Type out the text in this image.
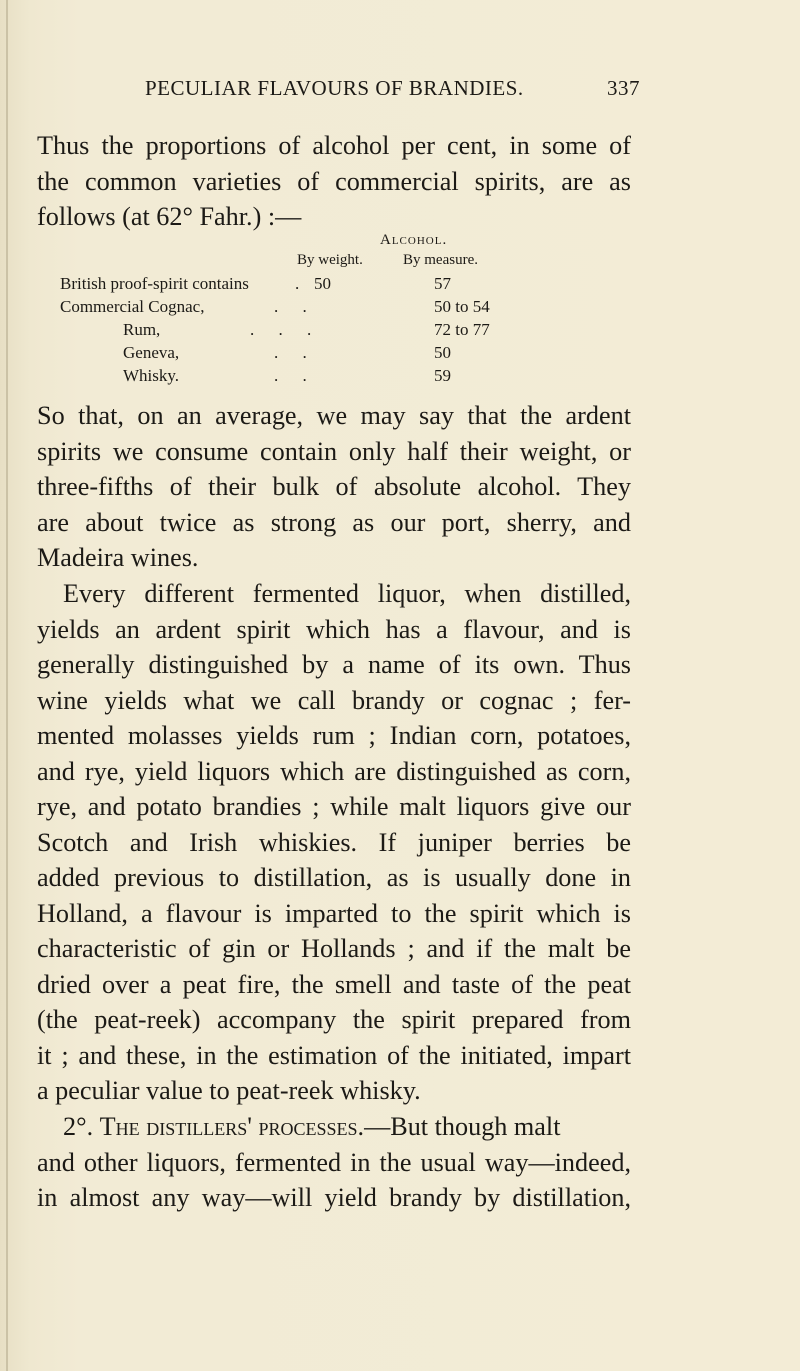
PECULIAR FLAVOURS OF BRANDIES.	337
Thus the proportions of alcohol per cent, in some of
the common varieties of commercial spirits, are as
follows (at 62° Fahr.) :—
Alcohol.
By weight.	By measure.
British proof-spirit contains	. 50	57
Commercial Cognac,	. .	50 to 54
Rum,	. . .	72 to 77
Geneva,	. .	50
Whisky.	. .	59
So that, on an average, we may say that the ardent
spirits we consume contain only half their weight, or
three-fifths of their bulk of absolute alcohol. They
are about twice as strong as our port, sherry, and
Madeira wines.
Every different fermented liquor, when distilled,
yields an ardent spirit which has a flavour, and is
generally distinguished by a name of its own. Thus
wine yields what we call brandy or cognac ; fer-
mented molasses yields rum ; Indian corn, potatoes,
and rye, yield liquors which are distinguished as corn,
rye, and potato brandies ; while malt liquors give our
Scotch and Irish whiskies. If juniper berries be
added previous to distillation, as is usually done in
Holland, a flavour is imparted to the spirit which is
characteristic of gin or Hollands ; and if the malt be
dried over a peat fire, the smell and taste of the peat
(the peat-reek) accompany the spirit prepared from
it ; and these, in the estimation of the initiated, impart
a peculiar value to peat-reek whisky.
2°. The distillers' processes.—But though malt
and other liquors, fermented in the usual way—indeed,
in almost any way—will yield brandy by distillation,
